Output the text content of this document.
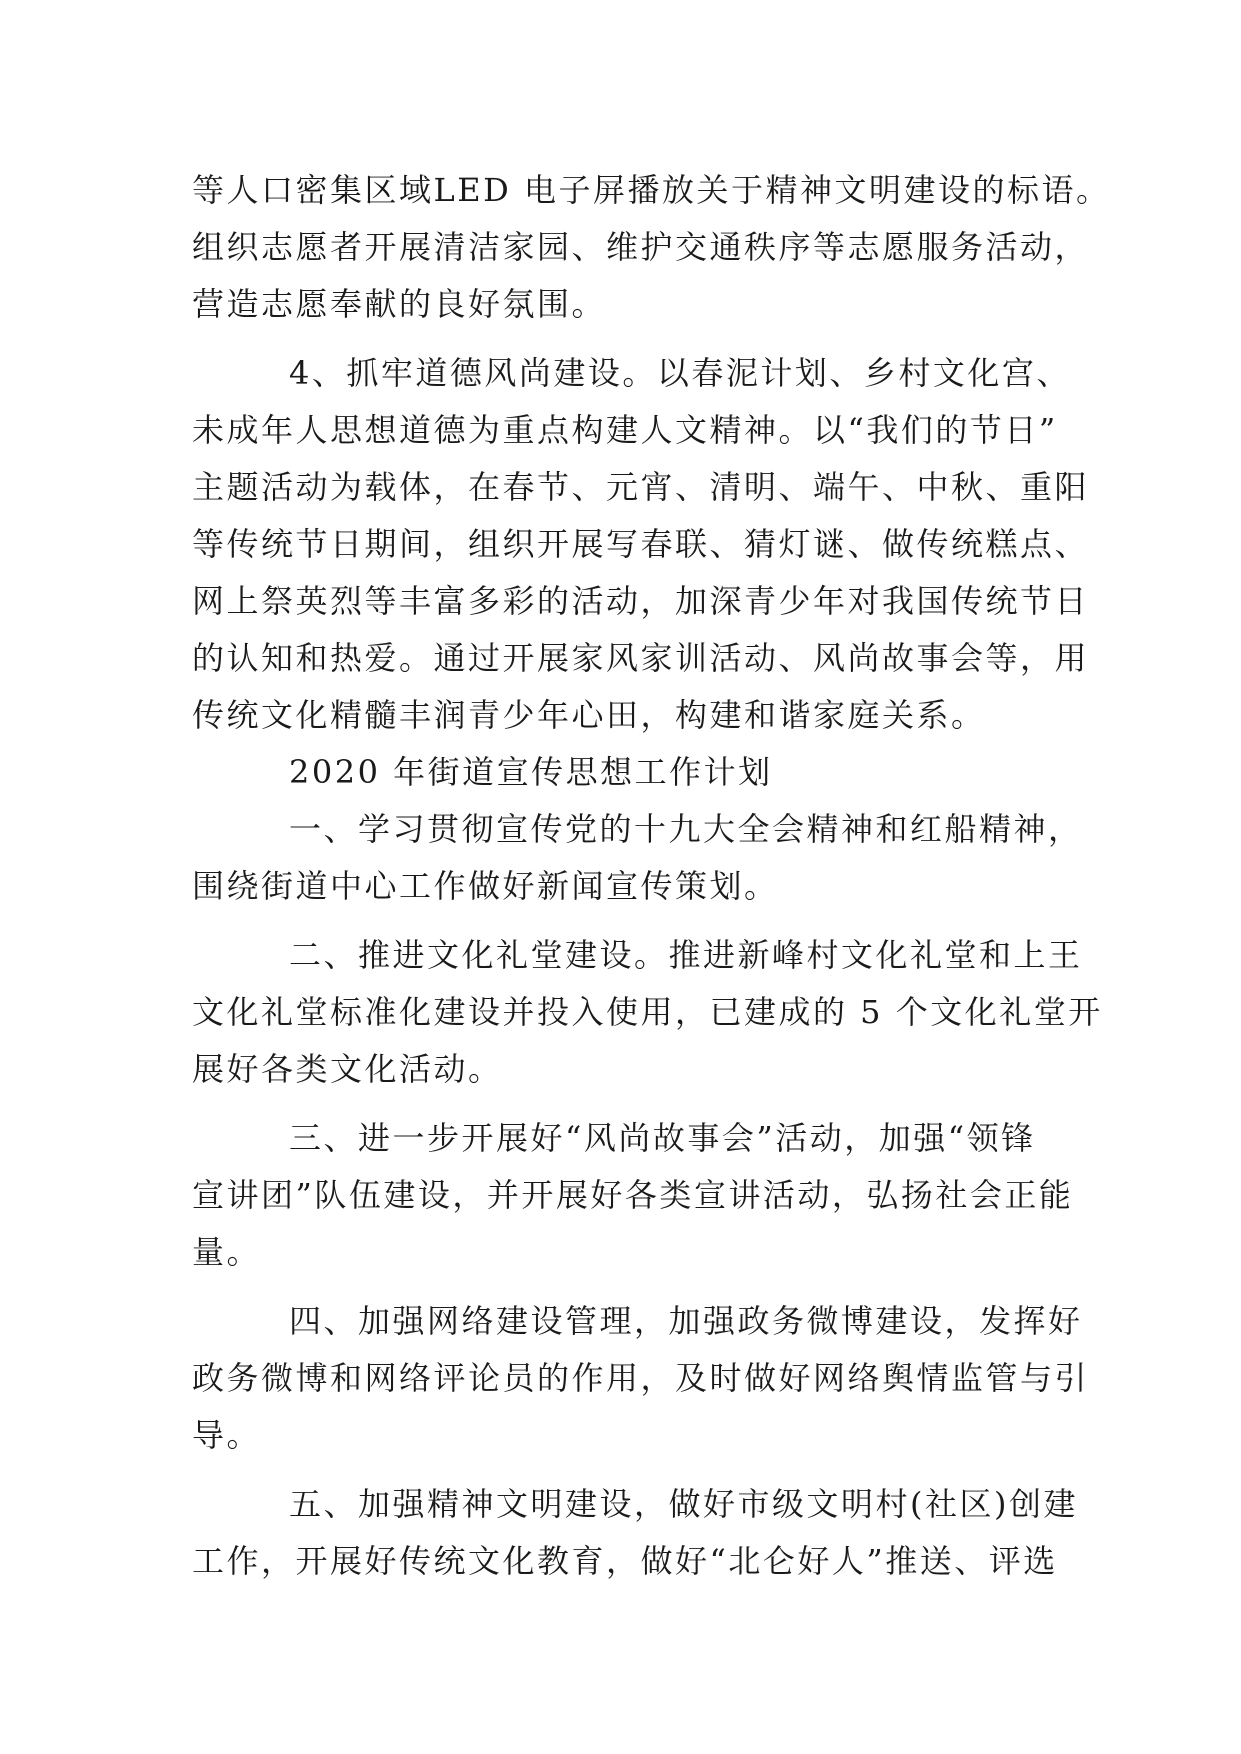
等人口密集区域LED 电子屏播放关于精神文明建设的标语。
组织志愿者开展清洁家园、维护交通秩序等志愿服务活动，
营造志愿奉献的良好氛围。
4、抓牢道德风尚建设。以春泥计划、乡村文化宫、
未成年人思想道德为重点构建人文精神。以“我们的节日”
主题活动为载体，在春节、元宵、清明、端午、中秋、重阳
等传统节日期间，组织开展写春联、猜灯谜、做传统糕点、
网上祭英烈等丰富多彩的活动，加深青少年对我国传统节日
的认知和热爱。通过开展家风家训活动、风尚故事会等，用
传统文化精髓丰润青少年心田，构建和谐家庭关系。
2020 年街道宣传思想工作计划
一、学习贯彻宣传党的十九大全会精神和红船精神，
围绕街道中心工作做好新闻宣传策划。
二、推进文化礼堂建设。推进新峰村文化礼堂和上王
文化礼堂标准化建设并投入使用，已建成的 5 个文化礼堂开
展好各类文化活动。
三、进一步开展好“风尚故事会”活动，加强“领锋
宣讲团”队伍建设，并开展好各类宣讲活动，弘扬社会正能
量。
四、加强网络建设管理，加强政务微博建设，发挥好
政务微博和网络评论员的作用，及时做好网络舆情监管与引
导。
五、加强精神文明建设，做好市级文明村(社区)创建
工作，开展好传统文化教育，做好“北仑好人”推送、评选
